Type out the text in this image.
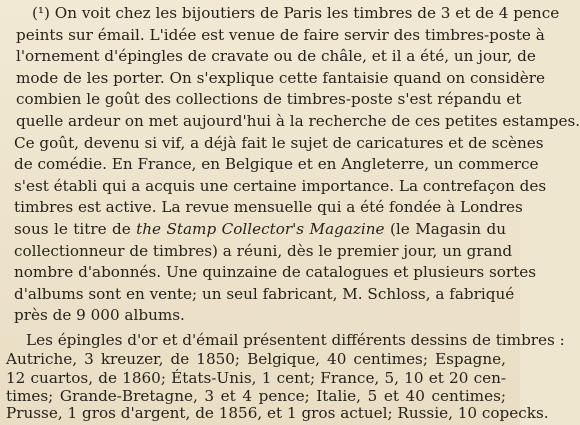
(¹) On voit chez les bijoutiers de Paris les timbres de 3 et de 4 pence
peints sur émail. L'idée est venue de faire servir des timbres-poste à
l'ornement d'épingles de cravate ou de châle, et il a été, un jour, de
mode de les porter. On s'explique cette fantaisie quand on considère
combien le goût des collections de timbres-poste s'est répandu et
quelle ardeur on met aujourd'hui à la recherche de ces petites estampes.
Ce goût, devenu si vif, a déjà fait le sujet de caricatures et de scènes
de comédie. En France, en Belgique et en Angleterre, un commerce
s'est établi qui a acquis une certaine importance. La contrefaçon des
timbres est active. La revue mensuelle qui a été fondée à Londres
sous le titre de the Stamp Collector's Magazine (le Magasin du
collectionneur de timbres) a réuni, dès le premier jour, un grand
nombre d'abonnés. Une quinzaine de catalogues et plusieurs sortes
d'albums sont en vente; un seul fabricant, M. Schloss, a fabriqué
près de 9 000 albums.
Les épingles d'or et d'émail présentent différents dessins de timbres :
Autriche, 3 kreuzer, de 1850; Belgique, 40 centimes; Espagne,
12 cuartos, de 1860; États-Unis, 1 cent; France, 5, 10 et 20 cen-
times; Grande-Bretagne, 3 et 4 pence; Italie, 5 et 40 centimes;
Prusse, 1 gros d'argent, de 1856, et 1 gros actuel; Russie, 10 copecks.
